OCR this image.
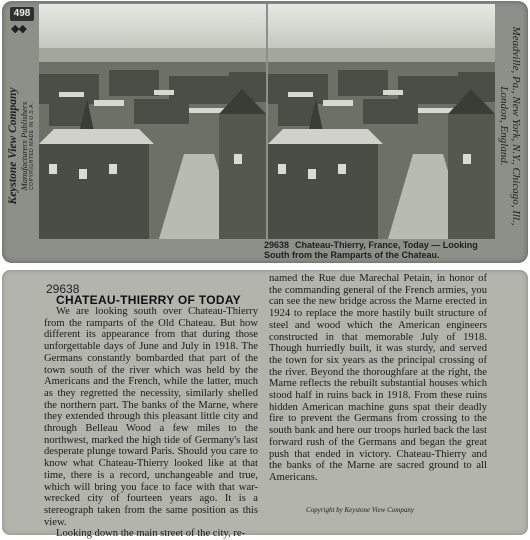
498
◆◆
Keystone View Company Manufacturers Publishers COPYRIGHTED MADE IN U.S.A.	Meadville, Pa., New York, N.Y., Chicago, Ill., London, England.
29638 Chateau-Thierry, France, Today — Looking South from the Ramparts of the Chateau.
29638
CHATEAU-THIERRY OF TODAY

We are looking south over Chateau-Thierry from the ramparts of the Old Chateau. But how different its appearance from that during those unforgettable days of June and July in 1918. The Germans constantly bombarded that part of the town south of the river which was held by the Americans and the French, while the latter, much as they regretted the necessity, similarly shelled the northern part. The banks of the Marne, where they extended through this pleasant little city and through Belleau Wood a few miles to the northwest, marked the high tide of Germany's last desperate plunge toward Paris. Should you care to know what Chateau-Thierry looked like at that time, there is a record, unchangeable and true, which will bring you face to face with that war-wrecked city of fourteen years ago. It is a stereograph taken from the same position as this view.

Looking down the main street of the city, re-

named the Rue due Marechal Petain, in honor of the commanding general of the French armies, you can see the new bridge across the Marne erected in 1924 to replace the more hastily built structure of steel and wood which the American engineers constructed in that memorable July of 1918. Though hurriedly built, it was sturdy, and served the town for six years as the principal crossing of the river. Beyond the thoroughfare at the right, the Marne reflects the rebuilt substantial houses which stood half in ruins back in 1918. From these ruins hidden American machine guns spat their deadly fire to prevent the Germans from crossing to the south bank and here our troops hurled back the last forward rush of the Germans and began the great push that ended in victory. Chateau-Thierry and the banks of the Marne are sacred ground to all Americans.

Copyright by Keystone View Company
